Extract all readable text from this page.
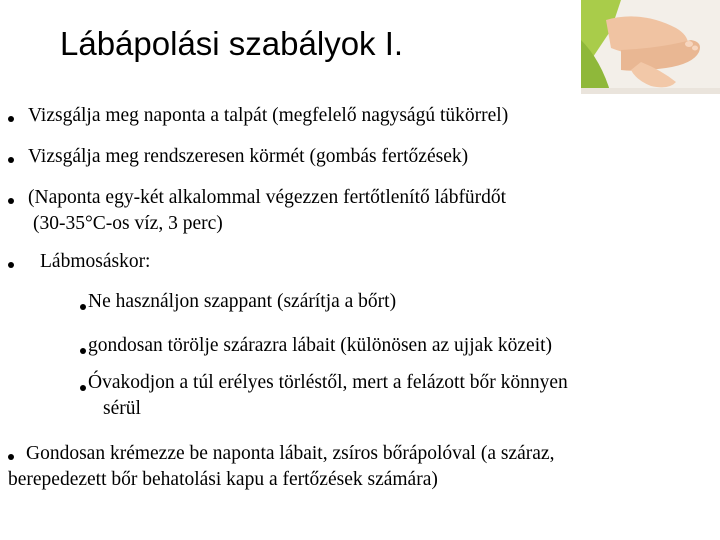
Lábápolási szabályok I.
Vizsgálja meg naponta a talpát (megfelelő nagyságú tükörrel)
Vizsgálja meg rendszeresen körmét (gombás fertőzések)
(Naponta egy-két alkalommal végezzen fertőtlenítő lábfürdőt
(30-35°C-os víz, 3 perc)
Lábmosáskor:
Ne használjon szappant (szárítja a bőrt)
gondosan törölje szárazra lábait (különösen az ujjak közeit)
Óvakodjon a túl erélyes törléstől, mert a felázott bőr könnyen
sérül
Gondosan krémezze be naponta lábait, zsíros bőrápolóval (a száraz,
berepedezett bőr behatolási kapu a fertőzések számára)
